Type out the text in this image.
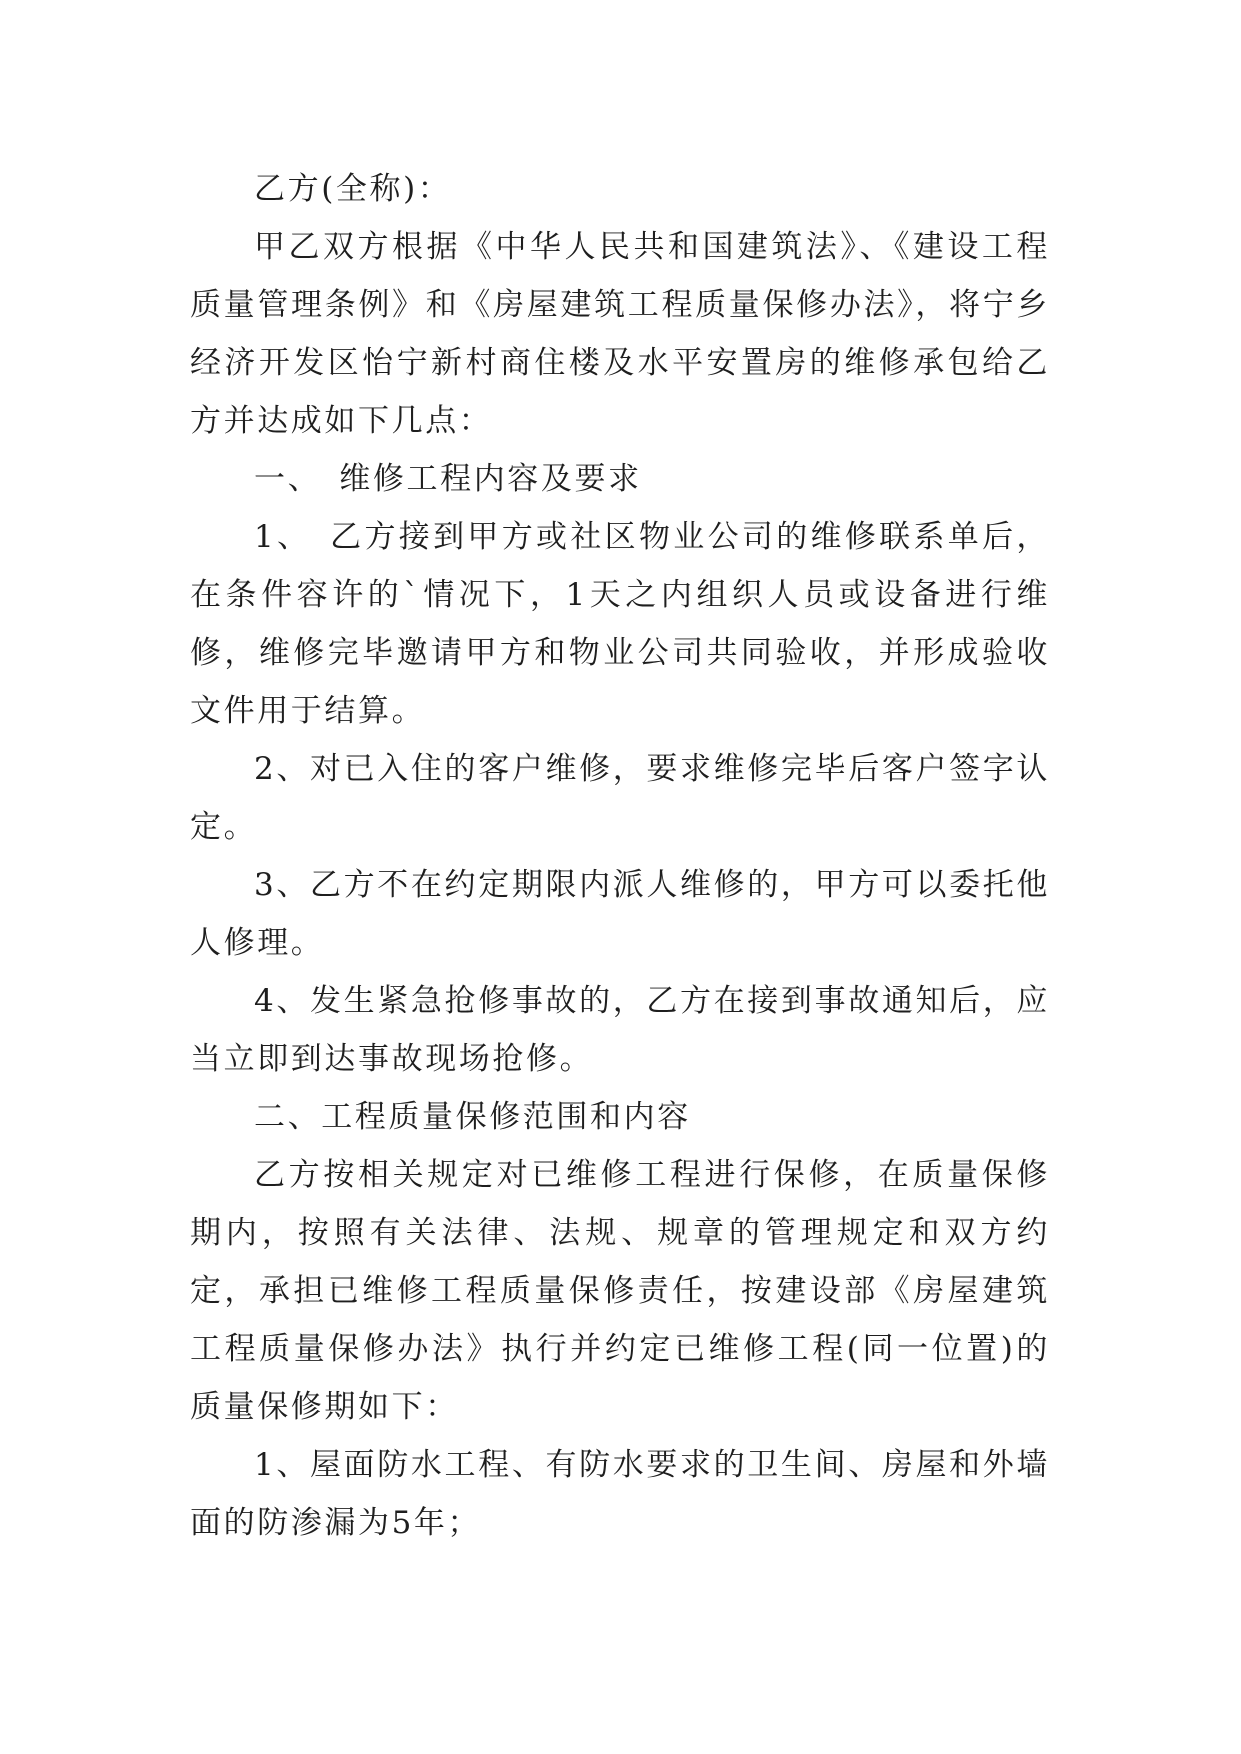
乙方(全称)：

甲乙双方根据《中华人民共和国建筑法》、《建设工程质量管理条例》和《房屋建筑工程质量保修办法》，将宁乡经济开发区怡宁新村商住楼及水平安置房的维修承包给乙方并达成如下几点：

一、　维修工程内容及要求

1、　乙方接到甲方或社区物业公司的维修联系单后，在条件容许的`情况下，1天之内组织人员或设备进行维修，维修完毕邀请甲方和物业公司共同验收，并形成验收文件用于结算。

2、对已入住的客户维修，要求维修完毕后客户签字认定。

3、乙方不在约定期限内派人维修的，甲方可以委托他人修理。

4、发生紧急抢修事故的，乙方在接到事故通知后，应当立即到达事故现场抢修。

二、工程质量保修范围和内容

乙方按相关规定对已维修工程进行保修，在质量保修期内，按照有关法律、法规、规章的管理规定和双方约定，承担已维修工程质量保修责任，按建设部《房屋建筑工程质量保修办法》执行并约定已维修工程(同一位置)的质量保修期如下：

1、屋面防水工程、有防水要求的卫生间、房屋和外墙面的防渗漏为5年；
